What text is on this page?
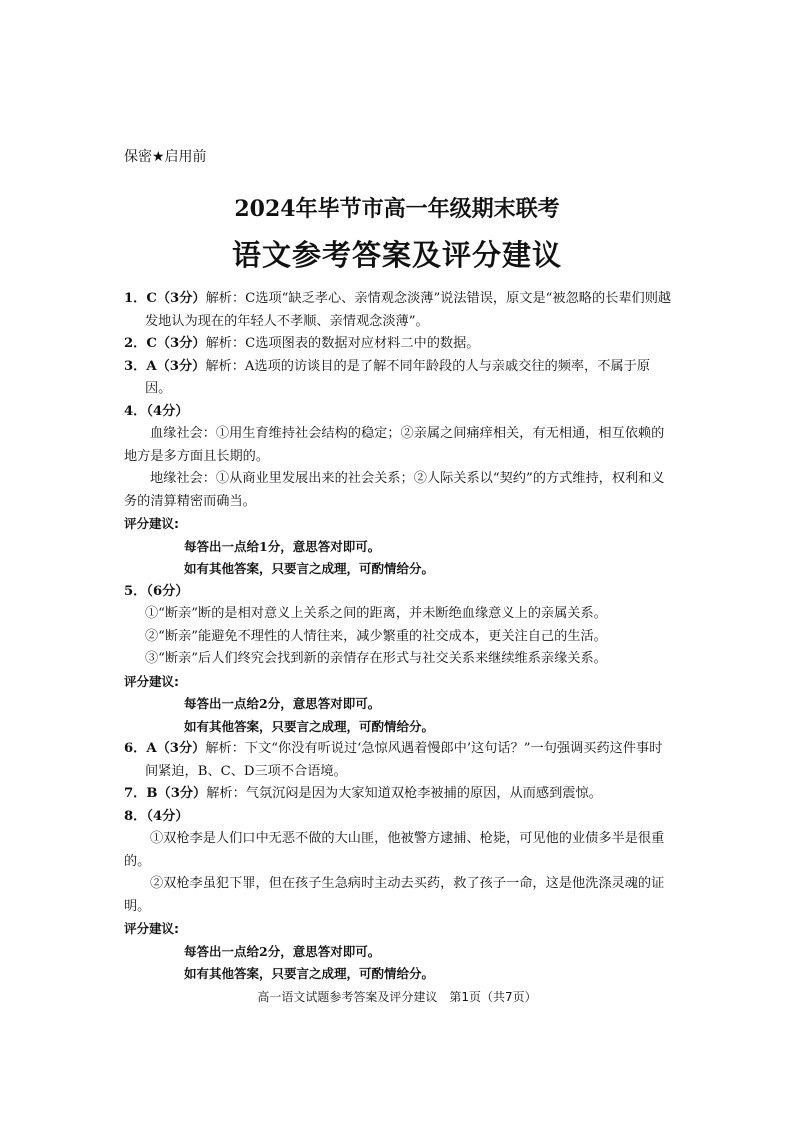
保密★启用前
2024年毕节市高一年级期末联考
语文参考答案及评分建议

1．C（3分）解析：C选项“缺乏孝心、亲情观念淡薄”说法错误，原文是“被忽略的长辈们则越发地认为现在的年轻人不孝顺、亲情观念淡薄”。

2．C（3分）解析：C选项图表的数据对应材料二中的数据。

3．A（3分）解析：A选项的访谈目的是了解不同年龄段的人与亲戚交往的频率，不属于原因。

4．（4分）

血缘社会：①用生育维持社会结构的稳定；②亲属之间痛痒相关，有无相通，相互依赖的地方是多方面且长期的。

地缘社会：①从商业里发展出来的社会关系；②人际关系以“契约”的方式维持，权利和义务的清算精密而确当。

评分建议:

每答出一点给1分，意思答对即可。

如有其他答案，只要言之成理，可酌情给分。

5．（6分）

①“断亲”断的是相对意义上关系之间的距离，并未断绝血缘意义上的亲属关系。

②“断亲”能避免不理性的人情往来，减少繁重的社交成本，更关注自己的生活。

③“断亲”后人们终究会找到新的亲情存在形式与社交关系来继续维系亲缘关系。

评分建议:

每答出一点给2分，意思答对即可。

如有其他答案，只要言之成理，可酌情给分。

6．A（3分）解析：下文“你没有听说过‘急惊风遇着慢郎中’这句话？”一句强调买药这件事时间紧迫，B、C、D三项不合语境。

7．B（3分）解析：气氛沉闷是因为大家知道双枪李被捕的原因，从而感到震惊。

8．（4分）

①双枪李是人们口中无恶不做的大山匪，他被警方逮捕、枪毙，可见他的业债多半是很重的。

②双枪李虽犯下罪，但在孩子生急病时主动去买药，救了孩子一命，这是他洗涤灵魂的证明。

评分建议:

每答出一点给2分，意思答对即可。

如有其他答案，只要言之成理，可酌情给分。

高一语文试题参考答案及评分建议　第1页（共7页）
